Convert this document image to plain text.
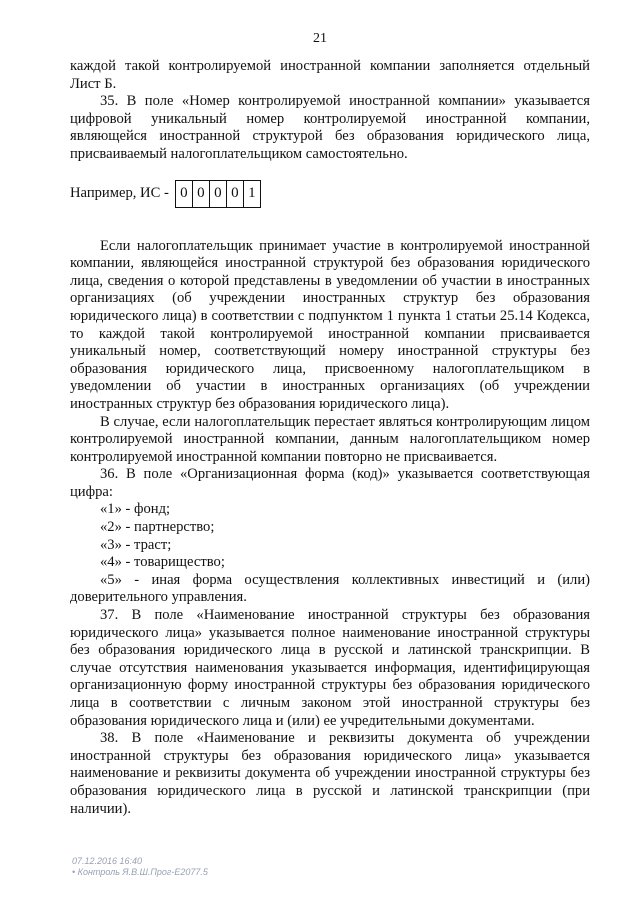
21

каждой такой контролируемой иностранной компании заполняется отдельный Лист Б.

35. В поле «Номер контролируемой иностранной компании» указывается цифровой уникальный номер контролируемой иностранной компании, являющейся иностранной структурой без образования юридического лица, присваиваемый налогоплательщиком самостоятельно.

Например, ИС - 0 0 0 0 1

Если налогоплательщик принимает участие в контролируемой иностранной компании, являющейся иностранной структурой без образования юридического лица, сведения о которой представлены в уведомлении об участии в иностранных организациях (об учреждении иностранных структур без образования юридического лица) в соответствии с подпунктом 1 пункта 1 статьи 25.14 Кодекса, то каждой такой контролируемой иностранной компании присваивается уникальный номер, соответствующий номеру иностранной структуры без образования юридического лица, присвоенному налогоплательщиком в уведомлении об участии в иностранных организациях (об учреждении иностранных структур без образования юридического лица).

В случае, если налогоплательщик перестает являться контролирующим лицом контролируемой иностранной компании, данным налогоплательщиком номер контролируемой иностранной компании повторно не присваивается.

36. В поле «Организационная форма (код)» указывается соответствующая цифра:

«1» - фонд;

«2» - партнерство;

«3» - траст;

«4» - товарищество;

«5» - иная форма осуществления коллективных инвестиций и (или) доверительного управления.

37. В поле «Наименование иностранной структуры без образования юридического лица» указывается полное наименование иностранной структуры без образования юридического лица в русской и латинской транскрипции. В случае отсутствия наименования указывается информация, идентифицирующая организационную форму иностранной структуры без образования юридического лица в соответствии с личным законом этой иностранной структуры без образования юридического лица и (или) ее учредительными документами.

38. В поле «Наименование и реквизиты документа об учреждении иностранной структуры без образования юридического лица» указывается наименование и реквизиты документа об учреждении иностранной структуры без образования юридического лица в русской и латинской транскрипции (при наличии).

07.12.2016 16:40
• Контроль Я.В.Ш.Прог-Е2077.5
